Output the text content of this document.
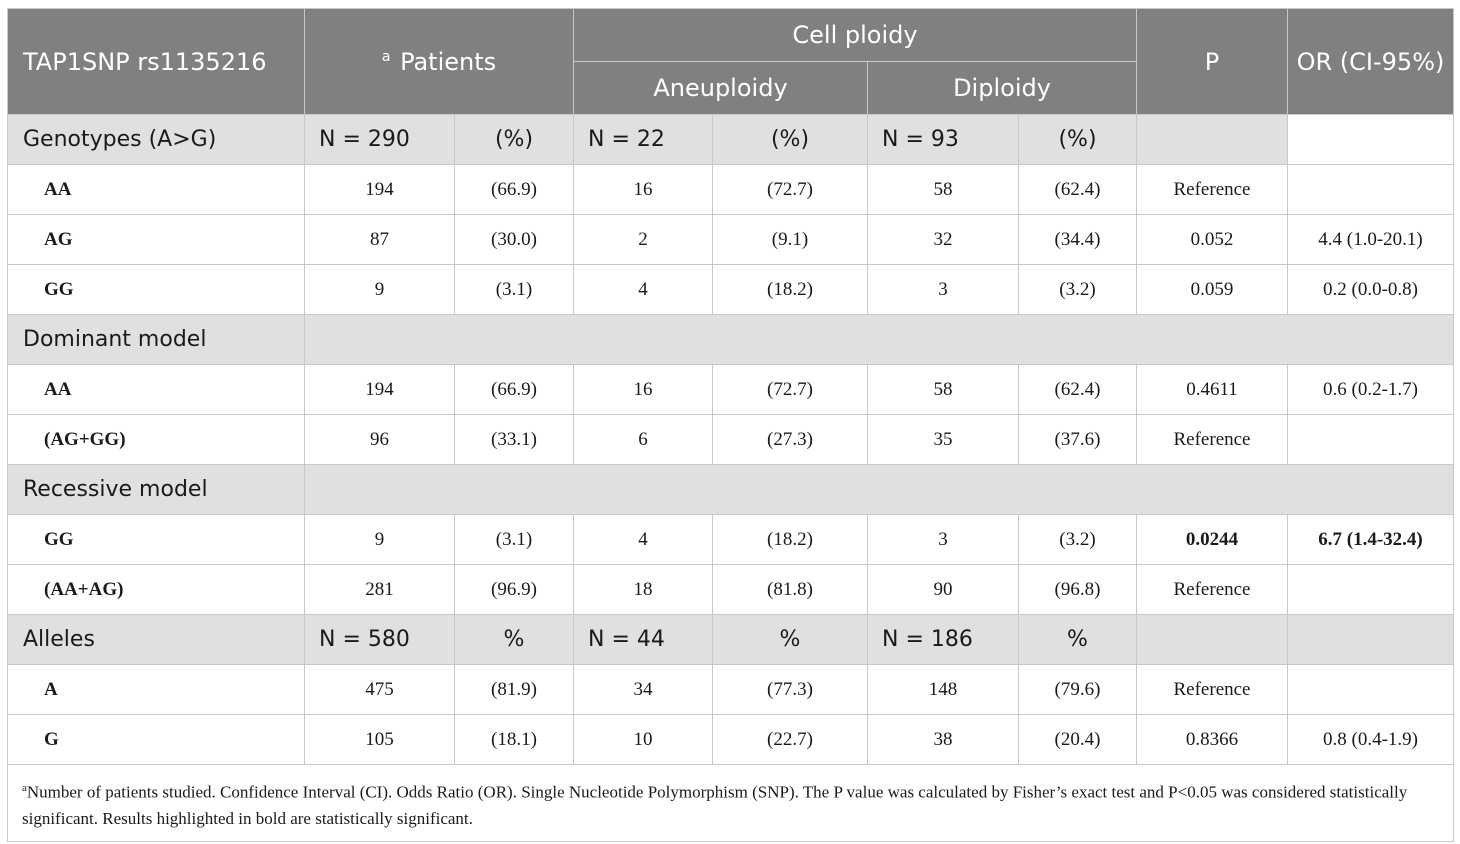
TAP1SNP rs1135216	$^a$ Patients		Cell ploidy				P	OR (CI-95%)
			Aneuploidy		Diploidy			
Genotypes (A>G)	N = 290	(%)	N = 22	(%)	N = 93	(%)		
AA	194	(66.9)	16	(72.7)	58	(62.4)	Reference	
AG	87	(30.0)	2	(9.1)	32	(34.4)	0.052	4.4 (1.0-20.1)
GG	9	(3.1)	4	(18.2)	3	(3.2)	0.059	0.2 (0.0-0.8)
Dominant model								
AA	194	(66.9)	16	(72.7)	58	(62.4)	0.4611	0.6 (0.2-1.7)
(AG+GG)	96	(33.1)	6	(27.3)	35	(37.6)	Reference	
Recessive model								
GG	9	(3.1)	4	(18.2)	3	(3.2)	0.0244	6.7 (1.4-32.4)
(AA+AG)	281	(96.9)	18	(81.8)	90	(96.8)	Reference	
Alleles	N = 580	%	N = 44	%	N = 186	%		
A	475	(81.9)	34	(77.3)	148	(79.6)	Reference	
G	105	(18.1)	10	(22.7)	38	(20.4)	0.8366	0.8 (0.4-1.9)
$^a$Number of patients studied. Confidence Interval (CI). Odds Ratio (OR). Single Nucleotide Polymorphism (SNP). The P value was calculated by Fisher’s exact test and P<0.05 was considered statistically significant. Results highlighted in bold are statistically significant.								
